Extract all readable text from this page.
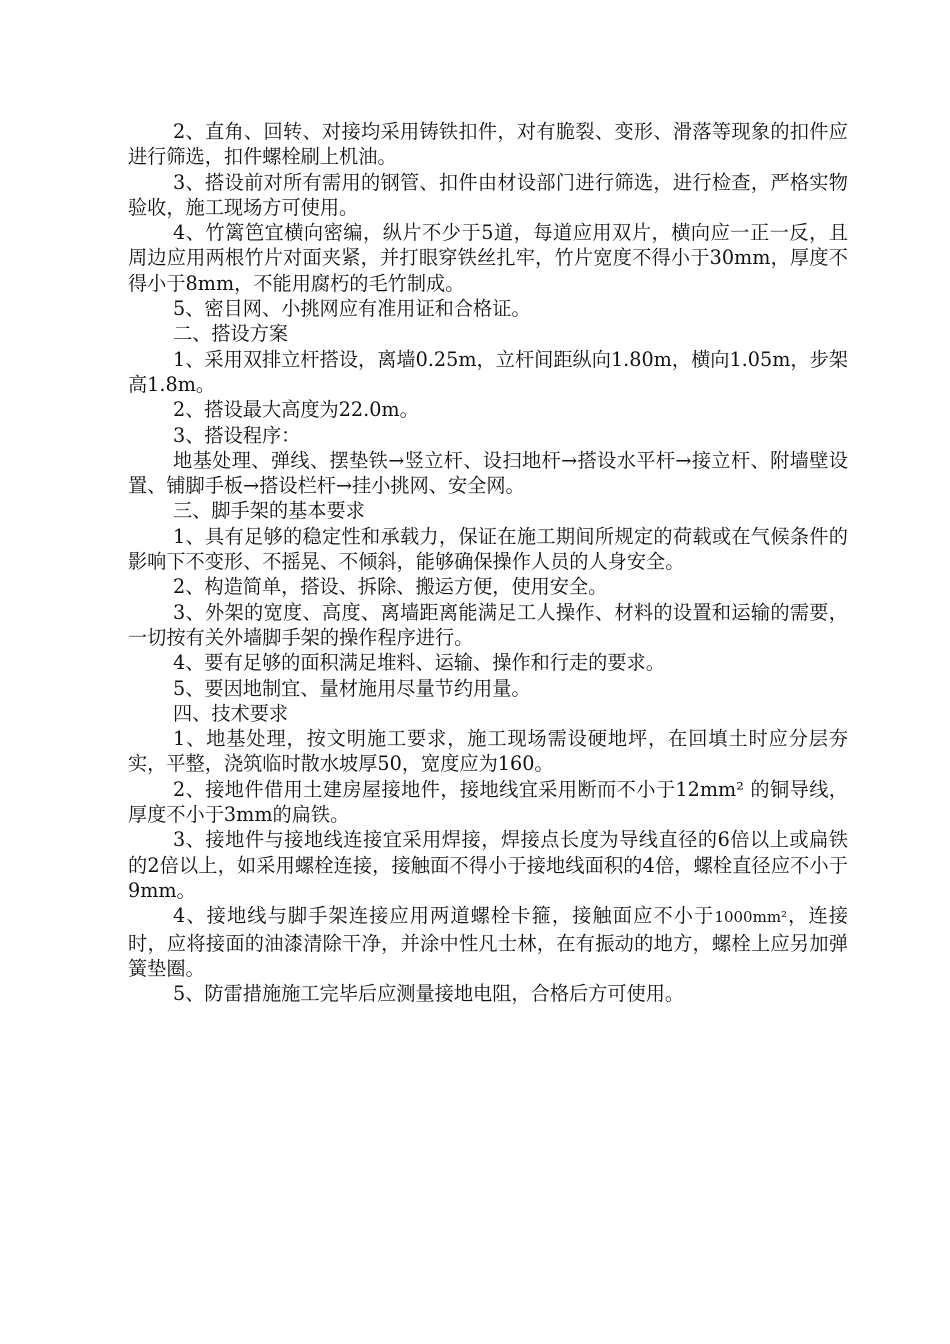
2、直角、回转、对接均采用铸铁扣件，对有脆裂、变形、滑落等现象的扣件应进行筛选，扣件螺栓刷上机油。

3、搭设前对所有需用的钢管、扣件由材设部门进行筛选，进行检查，严格实物验收，施工现场方可使用。

4、竹篱笆宜横向密编，纵片不少于5道，每道应用双片，横向应一正一反，且周边应用两根竹片对面夹紧，并打眼穿铁丝扎牢，竹片宽度不得小于30mm，厚度不得小于8mm，不能用腐朽的毛竹制成。

5、密目网、小挑网应有准用证和合格证。

二、搭设方案

1、采用双排立杆搭设，离墙0.25m，立杆间距纵向1.80m，横向1.05m，步架高1.8m。

2、搭设最大高度为22.0m。

3、搭设程序：

地基处理、弹线、摆垫铁→竖立杆、设扫地杆→搭设水平杆→接立杆、附墙壁设置、铺脚手板→搭设栏杆→挂小挑网、安全网。

三、脚手架的基本要求

1、具有足够的稳定性和承载力，保证在施工期间所规定的荷载或在气候条件的影响下不变形、不摇晃、不倾斜，能够确保操作人员的人身安全。

2、构造简单，搭设、拆除、搬运方便，使用安全。

3、外架的宽度、高度、离墙距离能满足工人操作、材料的设置和运输的需要，一切按有关外墙脚手架的操作程序进行。

4、要有足够的面积满足堆料、运输、操作和行走的要求。

5、要因地制宜、量材施用尽量节约用量。

四、技术要求

1、地基处理，按文明施工要求，施工现场需设硬地坪，在回填土时应分层夯实，平整，浇筑临时散水坡厚50，宽度应为160。

2、接地件借用土建房屋接地件，接地线宜采用断而不小于12mm² 的铜导线，厚度不小于3mm的扁铁。

3、接地件与接地线连接宜采用焊接，焊接点长度为导线直径的6倍以上或扁铁的2倍以上，如采用螺栓连接，接触面不得小于接地线面积的4倍，螺栓直径应不小于9mm。

4、接地线与脚手架连接应用两道螺栓卡箍，接触面应不小于1000mm²，连接时，应将接面的油漆清除干净，并涂中性凡士林，在有振动的地方，螺栓上应另加弹簧垫圈。

5、防雷措施施工完毕后应测量接地电阻，合格后方可使用。
